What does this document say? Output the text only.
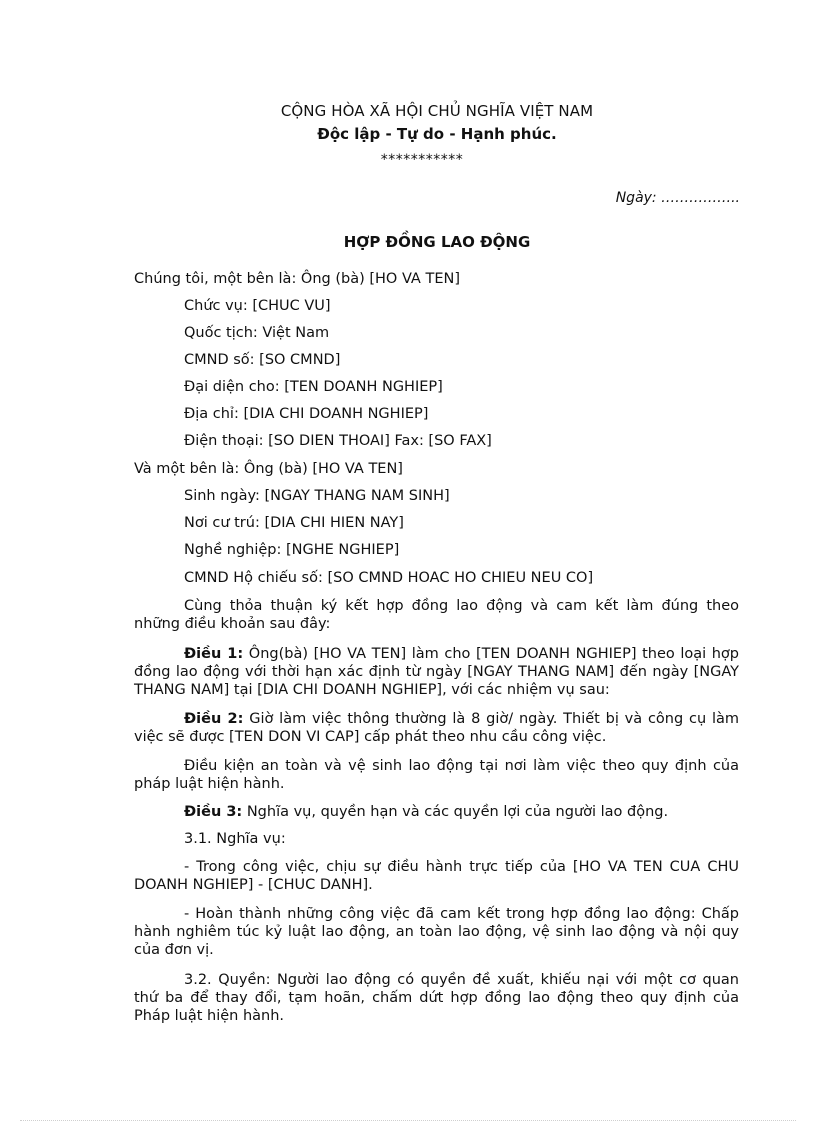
CỘNG HÒA XÃ HỘI CHỦ NGHĨA VIỆT NAM
Độc lập - Tự do - Hạnh phúc.
***********
Ngày: ……………..
HỢP ĐỒNG LAO ĐỘNG
Chúng tôi, một bên là: Ông (bà) [HO VA TEN]
Chức vụ: [CHUC VU]
Quốc tịch: Việt Nam
CMND số: [SO CMND]
Đại diện cho: [TEN DOANH NGHIEP]
Địa chỉ: [DIA CHI DOANH NGHIEP]
Điện thoại: [SO DIEN THOAI] Fax: [SO FAX]
Và một bên là: Ông (bà) [HO VA TEN]
Sinh ngày: [NGAY THANG NAM SINH]
Nơi cư trú: [DIA CHI HIEN NAY]
Nghề nghiệp: [NGHE NGHIEP]
CMND Hộ chiếu số: [SO CMND HOAC HO CHIEU NEU CO]
Cùng thỏa thuận ký kết hợp đồng lao động và cam kết làm đúng theo những điều khoản sau đây:
Điều 1: Ông(bà) [HO VA TEN] làm cho [TEN DOANH NGHIEP] theo loại hợp đồng lao động với thời hạn xác định từ ngày [NGAY THANG NAM] đến ngày [NGAY THANG NAM] tại [DIA CHI DOANH NGHIEP], với các nhiệm vụ sau:
Điều 2: Giờ làm việc thông thường là 8 giờ/ ngày. Thiết bị và công cụ làm việc sẽ được [TEN DON VI CAP] cấp phát theo nhu cầu công việc.
Điều kiện an toàn và vệ sinh lao động tại nơi làm việc theo quy định của pháp luật hiện hành.
Điều 3: Nghĩa vụ, quyền hạn và các quyền lợi của người lao động.
3.1. Nghĩa vụ:
- Trong công việc, chịu sự điều hành trực tiếp của [HO VA TEN CUA CHU DOANH NGHIEP] - [CHUC DANH].
- Hoàn thành những công việc đã cam kết trong hợp đồng lao động: Chấp hành nghiêm túc kỷ luật lao động, an toàn lao động, vệ sinh lao động và nội quy của đơn vị.
3.2. Quyền: Người lao động có quyền đề xuất, khiếu nại với một cơ quan thứ ba để thay đổi, tạm hoãn, chấm dứt hợp đồng lao động theo quy định của Pháp luật hiện hành.
